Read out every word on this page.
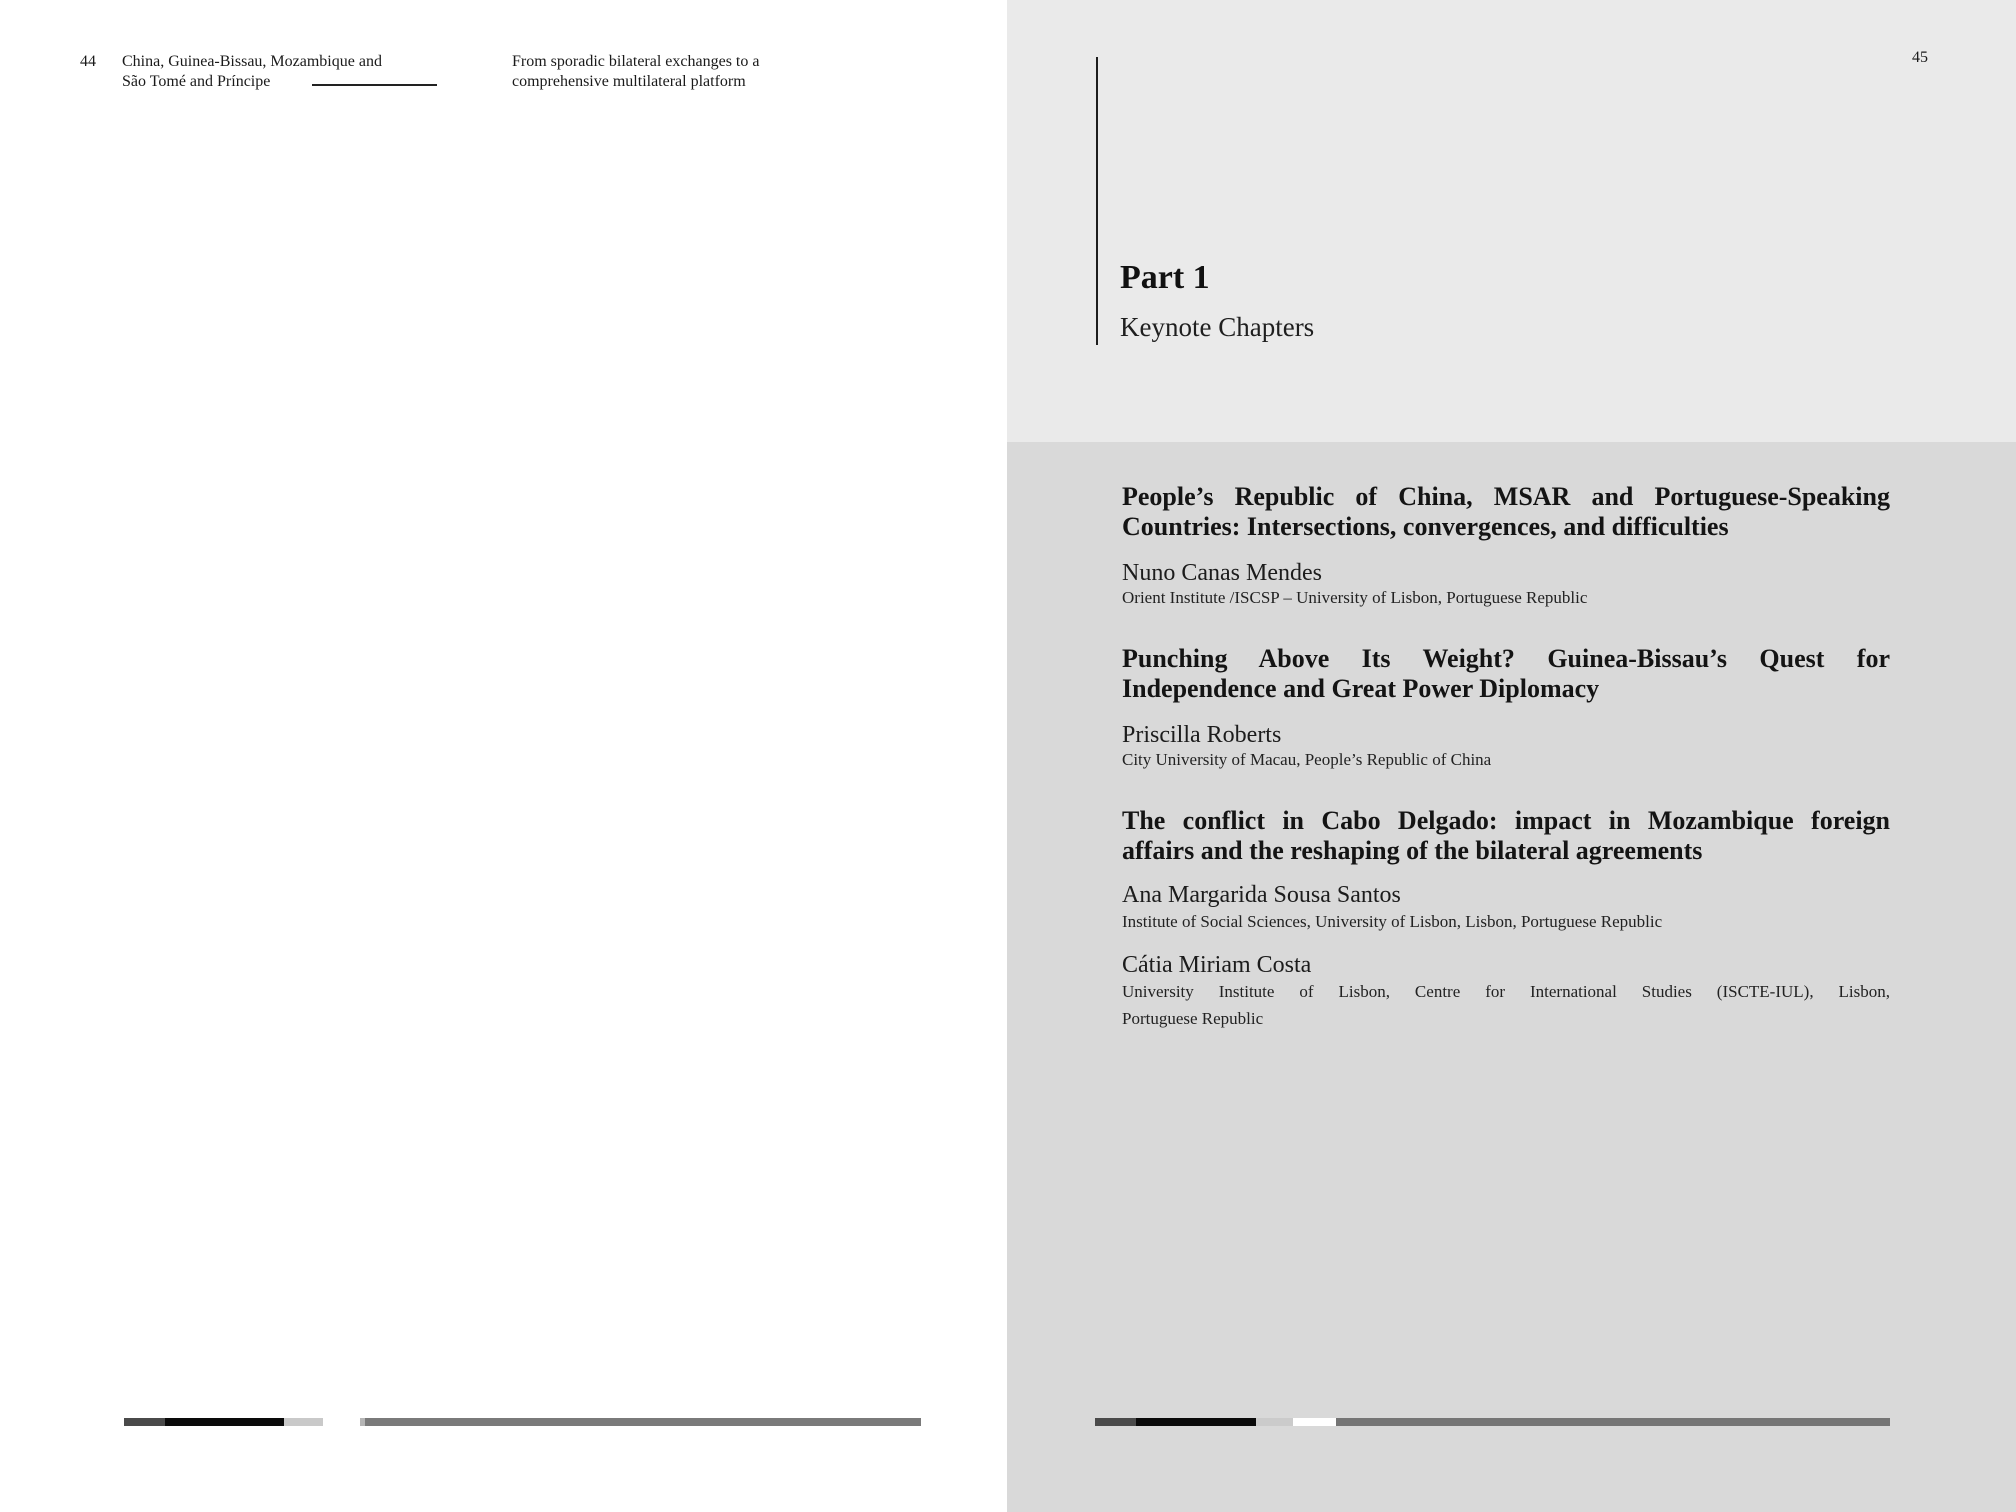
44 China, Guinea-Bissau, Mozambique and
São Tomé and Príncipe
From sporadic bilateral exchanges to a
comprehensive multilateral platform
45
Part 1
Keynote Chapters
People’s Republic of China, MSAR and Portuguese-Speaking
Countries: Intersections, convergences, and difficulties
Nuno Canas Mendes
Orient Institute /ISCSP – University of Lisbon, Portuguese Republic
Punching Above Its Weight? Guinea-Bissau’s Quest for
Independence and Great Power Diplomacy
Priscilla Roberts
City University of Macau, People’s Republic of China
The conflict in Cabo Delgado: impact in Mozambique foreign
affairs and the reshaping of the bilateral agreements
Ana Margarida Sousa Santos
Institute of Social Sciences, University of Lisbon, Lisbon, Portuguese Republic
Cátia Miriam Costa
University Institute of Lisbon, Centre for International Studies (ISCTE-IUL), Lisbon,
Portuguese Republic
